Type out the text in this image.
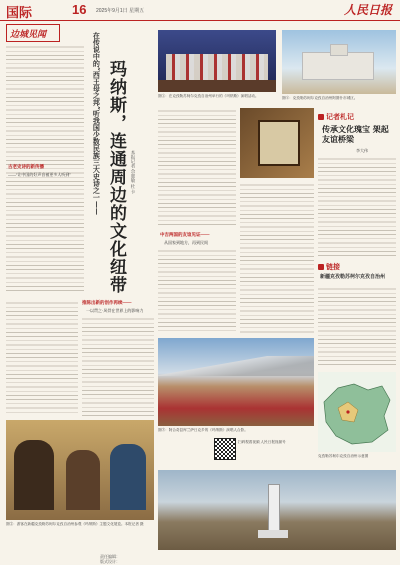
国际	16 2025年9月1日 星期五	人民日报
边城见闻
古老史诗的新传播
——“让中国的好声音被更多人听到”	在传说中的“西王母之邦”听我国少数民族三大史诗之一—— 玛纳斯，连通周边的文化纽带	本报记者 佘惠敏 杜 卡
图①：在克孜勒苏柯尔克孜自治州举行的《玛纳斯》演唱活动。	图④：克孜勒苏柯尔克孜自治州阿图什市城区。
记者札记
传承文化瑰宝 架起友谊桥梁
李大伟
中吉两国的友谊见证——
从国家到地方，再到民间
链接
新疆克孜勒苏柯尔克孜自治州
推陈出新的创作再续——
一以贯之·风骨在世界上的影响力
图③：阿合奇县库兰萨日克乡的《玛纳斯》演唱人合影。
扫码观看视频 人民日报视频号
克孜勒苏柯尔克孜自治州示意图
图②：游客在新疆克孜勒苏柯尔克孜自治州参观《玛纳斯》主题文化展览。本报记者 摄
责任编辑：
版式设计：
